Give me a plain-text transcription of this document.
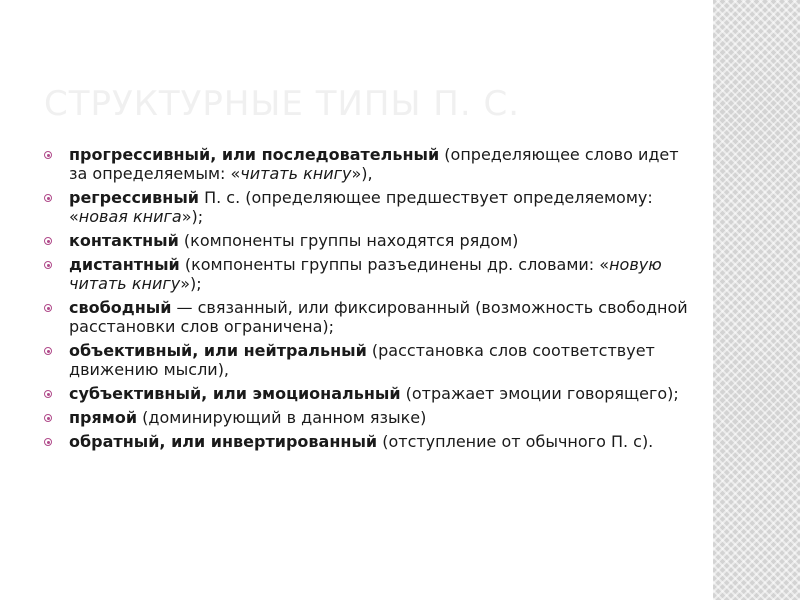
СТРУКТУРНЫЕ ТИПЫ П. С.
прогрессивный, или последовательный (определяющее слово идет за определяемым: «читать книгу»),
регрессивный П. с. (определяющее предшествует определяемому: «новая книга»);
контактный (компоненты группы находятся рядом)
дистантный (компоненты группы разъединены др. словами: «новую читать книгу»);
свободный — связанный, или фиксированный (возможность свободной расстановки слов ограничена);
объективный, или нейтральный (расстановка слов соответствует движению мысли),
субъективный, или эмоциональный (отражает эмоции говорящего);
прямой (доминирующий в данном языке)
обратный, или инвертированный (отступление от обычного П. с).
